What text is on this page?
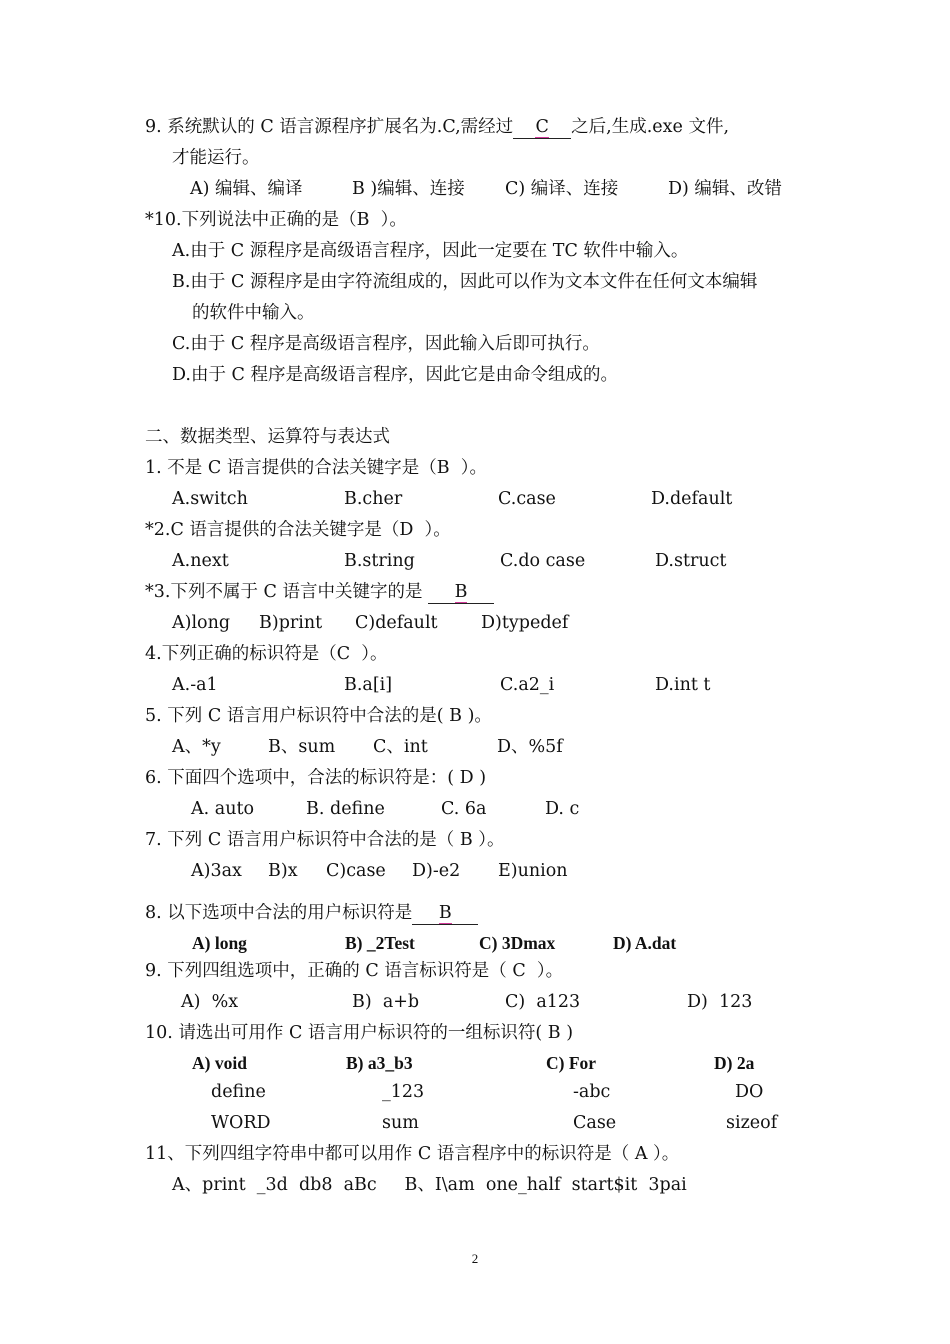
9. 系统默认的 C 语言源程序扩展名为.C,需经过 C 之后,生成.exe 文件,
才能运行。
A) 编辑、编译	B )编辑、连接 C) 编译、连接	D) 编辑、改错
*10.下列说法中正确的是（B  ）。
A.由于 C 源程序是高级语言程序，因此一定要在 TC 软件中输入。
B.由于 C 源程序是由字符流组成的，因此可以作为文本文件在任何文本编辑
的软件中输入。
C.由于 C 程序是高级语言程序，因此输入后即可执行。
D.由于 C 程序是高级语言程序，因此它是由命令组成的。
二、数据类型、运算符与表达式
1. 不是 C 语言提供的合法关键字是（B  ）。
A.switch	B.cher	C.case	D.default
*2.C 语言提供的合法关键字是（D  ）。
A.next	B.string	C.do case	D.struct
*3.下列不属于 C 语言中关键字的是 B
A)long B)print C)default D)typedef
4.下列正确的标识符是（C  ）。
A.-a1	B.a[i]	C.a2_i	D.int t
5. 下列 C 语言用户标识符中合法的是( B )。
A、*y	B、sum C、int	D、%5f
6. 下面四个选项中，合法的标识符是：( D )
A. auto	B. define	C. 6a	D. c
7. 下列 C 语言用户标识符中合法的是（ B ）。
A)3ax B)x C)case D)-e2 E)union
8. 以下选项中合法的用户标识符是 B
A) long	B) _2Test	C) 3Dmax	D) A.dat
9. 下列四组选项中，正确的 C 语言标识符是（ C  ）。
A)  %x	B)  a+b	C)  a123	D)  123
10. 请选出可用作 C 语言用户标识符的一组标识符( B )
A) void	B) a3_b3	C) For	D) 2a
define	_123	-abc	DO
WORD	sum	Case	sizeof
11、下列四组字符串中都可以用作 C 语言程序中的标识符是（ A ）。
A、print  _3d  db8  aBc     B、I\am  one_half  start$it  3pai
2
